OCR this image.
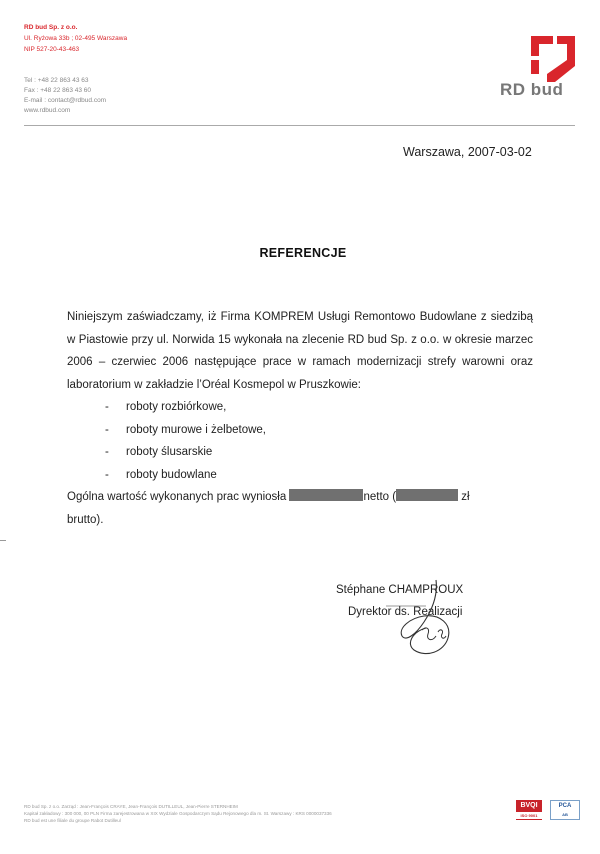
RD bud Sp. z o.o.
Ul. Ryżowa 33b ; 02-495 Warszawa
NIP 527-20-43-463
Tel : +48 22 863 43 63
Fax : +48 22 863 43 60
E-mail : contact@rdbud.com
www.rdbud.com
RD bud
Warszawa, 2007-03-02
REFERENCJE

Niniejszym zaświadczamy, iż Firma KOMPREM Usługi Remontowo Budowlane z siedzibą w Piastowie przy ul. Norwida 15 wykonała na zlecenie RD bud Sp. z o.o. w okresie marzec 2006 – czerwiec 2006 następujące prace w ramach modernizacji strefy warowni oraz laboratorium w zakładzie l’Oréal Kosmepol w Pruszkowie:

- roboty rozbiórkowe,
- roboty murowe i żelbetowe,
- roboty ślusarskie
- roboty budowlane
Ogólna wartość wykonanych prac wyniosła	netto (	zł
brutto).
Stéphane CHAMPROUX
Dyrektor ds. Realizacji
RD bud Sp. z o.o. Zarząd : Jean-François CRAYE, Jean-François DUTILLEUL, Jean-Pierre STERNHEIM
Kapitał zakładowy : 300 000, 00 PLN Firma zarejestrowana w XIX Wydziale Gospodarczym Sądu Rejonowego dla m. St. Warszawy : KRS 0000037336
RD bud est une filiale du groupe Rabot Dutilleul
BVQI
ISO 9001
PCA
AB
